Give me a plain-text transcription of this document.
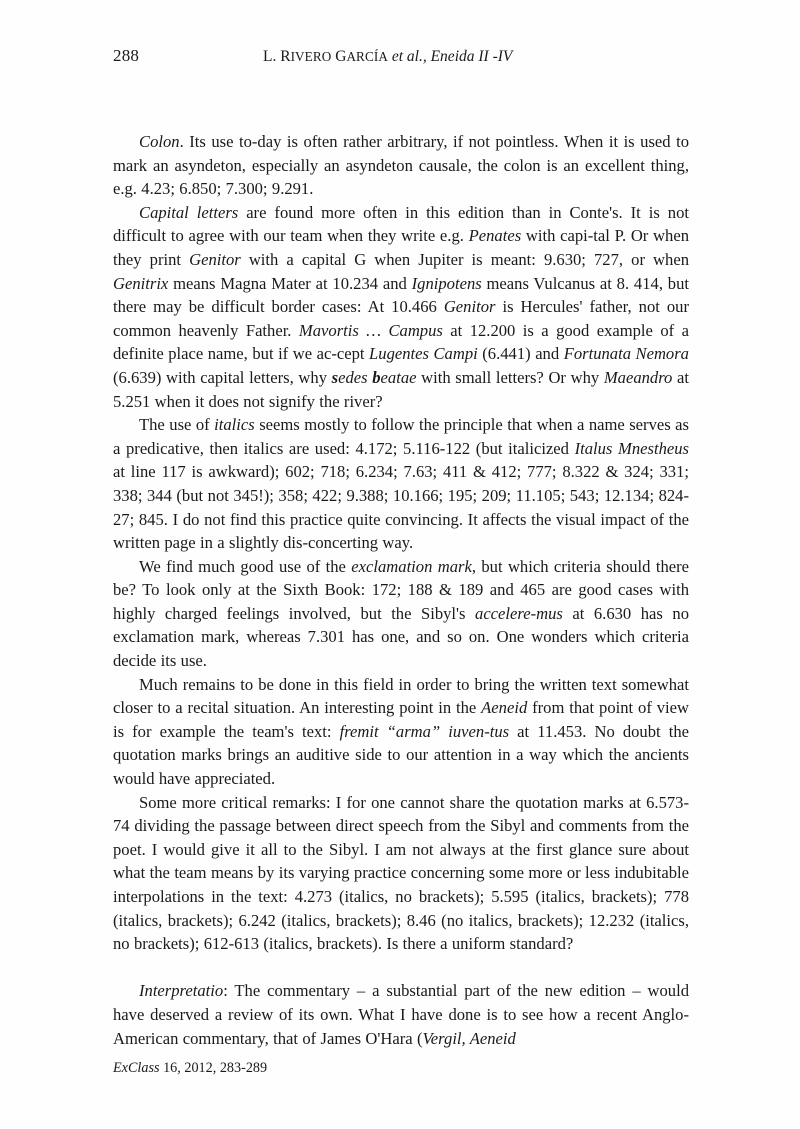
288	L. RIVERO GARCÍA et al., Eneida II -IV

Colon. Its use to-day is often rather arbitrary, if not pointless. When it is used to mark an asyndeton, especially an asyndeton causale, the colon is an excellent thing, e.g. 4.23; 6.850; 7.300; 9.291.

Capital letters are found more often in this edition than in Conte's. It is not difficult to agree with our team when they write e.g. Penates with capi-tal P. Or when they print Genitor with a capital G when Jupiter is meant: 9.630; 727, or when Genitrix means Magna Mater at 10.234 and Ignipotens means Vulcanus at 8. 414, but there may be difficult border cases: At 10.466 Genitor is Hercules' father, not our common heavenly Father. Mavortis … Campus at 12.200 is a good example of a definite place name, but if we ac-cept Lugentes Campi (6.441) and Fortunata Nemora (6.639) with capital letters, why sedes beatae with small letters? Or why Maeandro at 5.251 when it does not signify the river?

The use of italics seems mostly to follow the principle that when a name serves as a predicative, then italics are used: 4.172; 5.116-122 (but italicized Italus Mnestheus at line 117 is awkward); 602; 718; 6.234; 7.63; 411 & 412; 777; 8.322 & 324; 331; 338; 344 (but not 345!); 358; 422; 9.388; 10.166; 195; 209; 11.105; 543; 12.134; 824-27; 845. I do not find this practice quite convincing. It affects the visual impact of the written page in a slightly dis-concerting way.

We find much good use of the exclamation mark, but which criteria should there be? To look only at the Sixth Book: 172; 188 & 189 and 465 are good cases with highly charged feelings involved, but the Sibyl's accelere-mus at 6.630 has no exclamation mark, whereas 7.301 has one, and so on. One wonders which criteria decide its use.

Much remains to be done in this field in order to bring the written text somewhat closer to a recital situation. An interesting point in the Aeneid from that point of view is for example the team's text: fremit “arma” iuven-tus at 11.453. No doubt the quotation marks brings an auditive side to our attention in a way which the ancients would have appreciated.

Some more critical remarks: I for one cannot share the quotation marks at 6.573-74 dividing the passage between direct speech from the Sibyl and comments from the poet. I would give it all to the Sibyl. I am not always at the first glance sure about what the team means by its varying practice concerning some more or less indubitable interpolations in the text: 4.273 (italics, no brackets); 5.595 (italics, brackets); 778 (italics, brackets); 6.242 (italics, brackets); 8.46 (no italics, brackets); 12.232 (italics, no brackets); 612-613 (italics, brackets). Is there a uniform standard?

Interpretatio: The commentary – a substantial part of the new edition – would have deserved a review of its own. What I have done is to see how a recent Anglo-American commentary, that of James O'Hara (Vergil, Aeneid

ExClass 16, 2012, 283-289
